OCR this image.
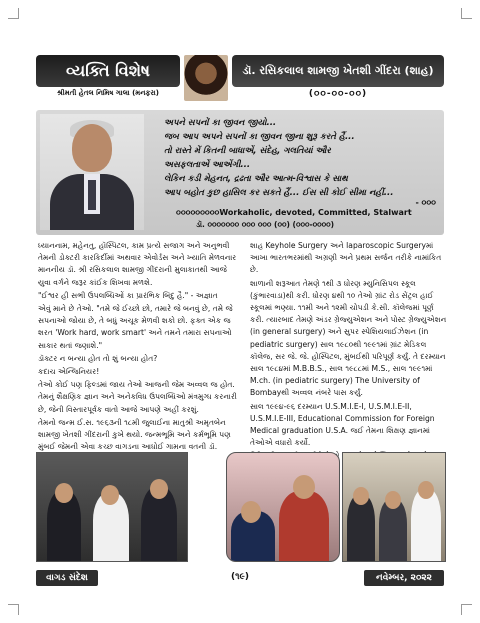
વ્યક્તિ વિશેષ
શ્રીમતી હેતલ નિમિષ ગાલા (મનફરા)
ડૉ. રસિકલાલ શામજી ખેતશી ગીંદરા (શાહ)
(૦૦-૦૦-૦૦)
અપને સપનોં કા જીવન જીયો...
જબ આપ અપને સપનોં કા જીવન જીના શુરૂ કરતે હૈં...
તો રાસ્તે મેં કિતની બાધાએં, સંદેહ, ગલતિયાં ઔર
અસફલતાએં આએંગી...
લેકિન કડી મેહનત, દ્રઢતા ઔર આત્મ-વિશ્વાસ કે સાથ
આપ બહોત કુછ હાસિલ કર સકતે હૈં... ઈસ સી કોઈ સીમા નહીં...
- ૦૦૦
૦૦૦૦૦૦૦૦૦Workaholic, devoted, Committed, Stalwart
ડૉ. ૦૦૦૦૦૦૦ ૦૦૦ ૦૦૦ (૦૦) (૦૦૦-૦૦૦૦)

ધ્યાનનામ, મહેનતુ, હૉસ્પિટલ, કામ પ્રત્યે સજાગ અને અનુભવી તેમની ડોક્ટરી કારકિર્દીમાં અથવાર એવોર્ડસ અને ખ્યાતિ મેળવનાર માનનીય ડૉ. શ્રી રસિકલાલ શામજી ગીંદરાની મુલાકાતથી આજે યુવા વર્ગને જરૂર કાંઈક શિખવા મળશે.

"ઈશ્વર હી સભી ઉપલબ્ધિઓં કા પ્રારંભિક બિંદુ હૈ." - અજ્ઞાત

એવું માને છે તેઓ. "તમે જે ઈચ્છો છો, તમારે જે બનવું છે, તમે જે સપનાઓ જોયા છે, તે બધું અચૂક મેળવી શકો છો. ફક્ત એક જ શરત 'Work hard, work smart' અને તમને તમારા સપનાઓ સાકાર થતાં જણાશે."

ડૉક્ટર ન બન્યા હોત તો શું બન્યા હોત?

કદાચ એન્જિનિયર!

તેઓ કોઈ પણ ફિલ્ડમાં જાય તેઓ આજની જેમ અવ્વલ જ હોત. તેમનું શૈક્ષણિક જ્ઞાન અને અનેકવિધ ઉપલબ્ધિઓ મંત્રમુગ્ધ કરનારી છે, જેની વિસ્તારપૂર્વક વાતો આજે આપણે અહીં કરશું.

તેમનો જન્મ ઈ.સ. ૧૯૬૩ની ૧૮મી જુલાઈના માતુશ્રી અમૃતબેન શામજી ખેતશી ગીંદરાની કુખે થયો. જન્મભૂમિ અને કર્મભૂમિ પણ મુંબઈ જેમની એવા કચ્છ વાગડના આધોઈ ગામના વતની ડૉ.

શાહ Keyhole Surgery અને laparoscopic Surgeryમાં આખા ભારતભરમાંથી અગ્રણી અને પ્રથમ સર્જન તરીકે નામાંકિત છે.

શાળાની શરૂઆત તેમણે ૧થી ૩ ધોરણ મ્યુનિસિપલ સ્કૂલ (કુંભારવાડા)થી કરી. ધોરણ ૪થી ૧૦ તેઓ ગ્રાંટ રોડ સેંટ્રલ હાઈ સ્કૂલમાં ભણ્યા. ૧૧મી અને ૧૨મી ચોપડી કે.સી. કૉલેજમાં પૂર્ણ કરી. ત્યારબાદ તેમણે અંડર ગ્રેજ્યુએશન અને પોસ્ટ ગ્રેજ્યુએશન (in general surgery) અને સુપર સ્પેશિયલાઈઝેશન (in pediatric surgery) સાલ ૧૯૮૦થી ૧૯૯૧માં ગ્રાંટ મેડિકલ કૉલેજ, સર જે. જે. હોસ્પિટલ, મુંબઈથી પરિપૂર્ણ કર્યું. તે દરમ્યાન સાલ ૧૯૮૪માં M.B.B.S., સાલ ૧૯૮૮માં M.S., સાલ ૧૯૯૧માં M.ch. (in pediatric surgery) The University of Bombayથી અવ્વલ નંબરે પાસ કર્યું.

સાલ ૧૯૯૪-૯૬ દરમ્યાન U.S.M.I.E-I, U.S.M.I.E-II, U.S.M.I.E-III, Educational Commission for Foreign Medical graduation U.S.A. જઈ તેમના શિક્ષણ જ્ઞાનમાં તેઓએ વધારો કર્યો.

વાગડ સંદેશ	(૧૯)	નવેમ્બર, ૨૦૨૨
